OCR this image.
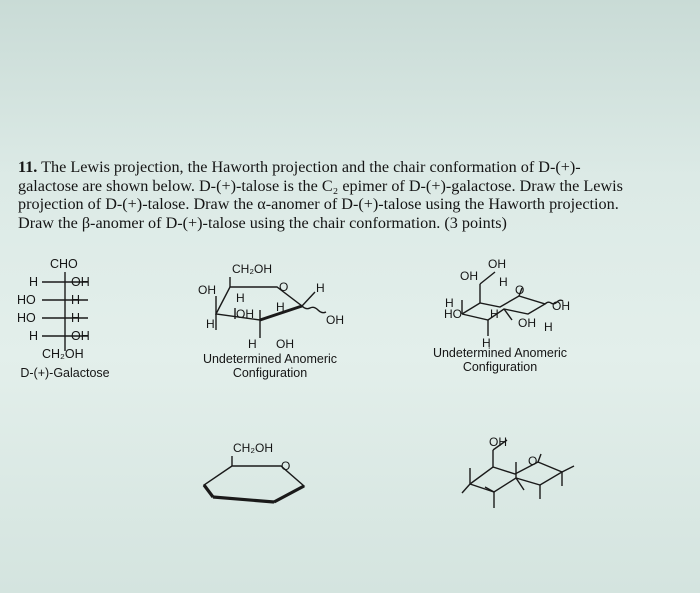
11. The Lewis projection, the Haworth projection and the chair conformation of D-(+)-
galactose are shown below. D-(+)-talose is the C₂ epimer of D-(+)-galactose. Draw the Lewis
projection of D-(+)-talose. Draw the α-anomer of D-(+)-talose using the Haworth projection.
Draw the β-anomer of D-(+)-talose using the chair conformation. (3 points)
CHO
H	OH
HO	H
HO	H
H	OH
CH₂OH
CH₂OH
O
OH
H
OH H
H
H	OH
H OH
OH
OH H
O
H
HO H
OH
OH H
H
CH₂OH
O
OH
O
D-(+)-Galactose
Undetermined Anomeric
Configuration
Undetermined Anomeric
Configuration
